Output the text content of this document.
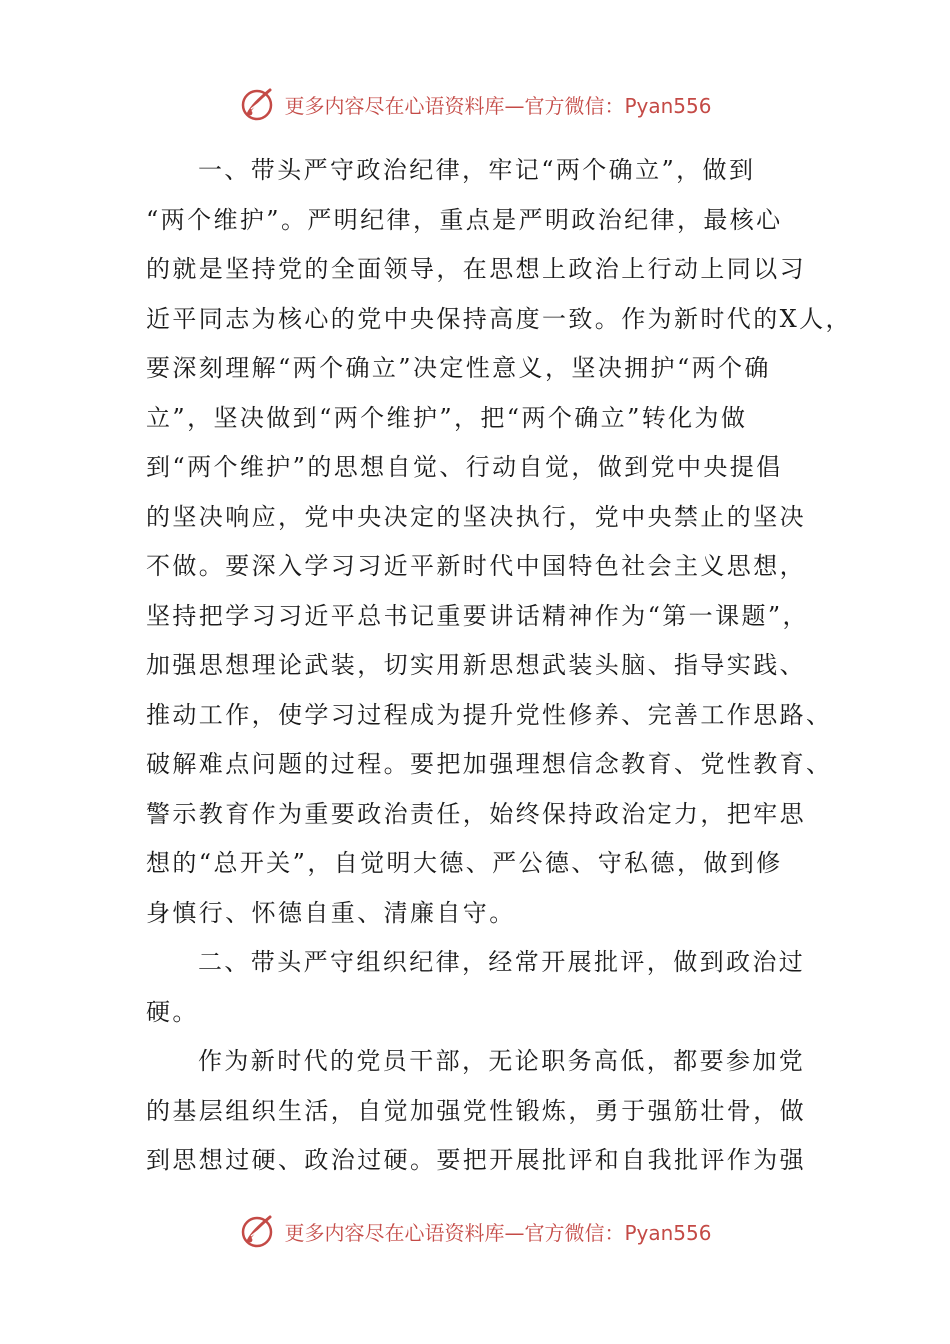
更多内容尽在心语资料库—官方微信：Pyan556
一、带头严守政治纪律，牢记“两个确立”，做到
“两个维护”。严明纪律，重点是严明政治纪律，最核心
的就是坚持党的全面领导，在思想上政治上行动上同以习
近平同志为核心的党中央保持高度一致。作为新时代的X人，
要深刻理解“两个确立”决定性意义，坚决拥护“两个确
立”，坚决做到“两个维护”，把“两个确立”转化为做
到“两个维护”的思想自觉、行动自觉，做到党中央提倡
的坚决响应，党中央决定的坚决执行，党中央禁止的坚决
不做。要深入学习习近平新时代中国特色社会主义思想，
坚持把学习习近平总书记重要讲话精神作为“第一课题”，
加强思想理论武装，切实用新思想武装头脑、指导实践、
推动工作，使学习过程成为提升党性修养、完善工作思路、
破解难点问题的过程。要把加强理想信念教育、党性教育、
警示教育作为重要政治责任，始终保持政治定力，把牢思
想的“总开关”，自觉明大德、严公德、守私德，做到修
身慎行、怀德自重、清廉自守。
二、带头严守组织纪律，经常开展批评，做到政治过
硬。
作为新时代的党员干部，无论职务高低，都要参加党
的基层组织生活，自觉加强党性锻炼，勇于强筋壮骨，做
到思想过硬、政治过硬。要把开展批评和自我批评作为强
更多内容尽在心语资料库—官方微信：Pyan556
